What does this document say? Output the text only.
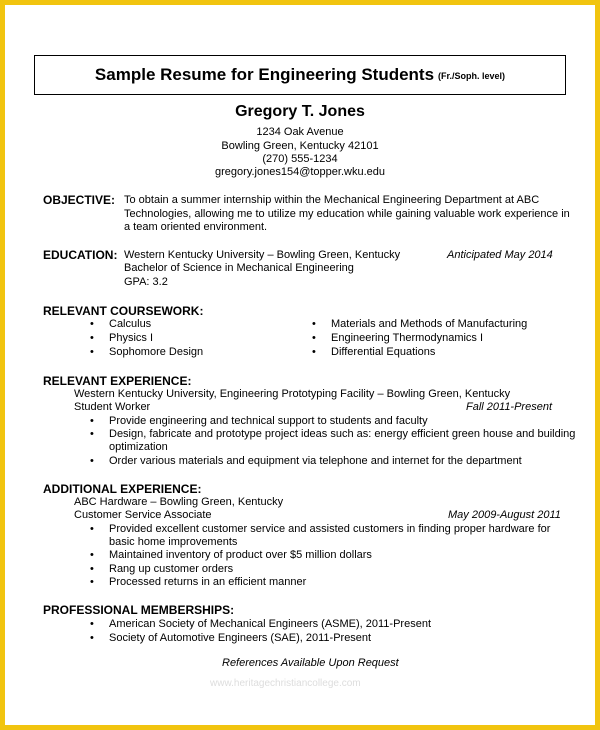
Sample Resume for Engineering Students (Fr./Soph. level)
Gregory T. Jones
1234 Oak Avenue
Bowling Green, Kentucky 42101
(270) 555-1234
gregory.jones154@topper.wku.edu
OBJECTIVE: To obtain a summer internship within the Mechanical Engineering Department at ABC
Technologies, allowing me to utilize my education while gaining valuable work experience in
a team oriented environment.
EDUCATION: Western Kentucky University – Bowling Green, Kentucky	Anticipated May 2014
Bachelor of Science in Mechanical Engineering
GPA: 3.2
RELEVANT COURSEWORK:
• Calculus
• Physics I
• Sophomore Design
• Materials and Methods of Manufacturing
• Engineering Thermodynamics I
• Differential Equations
RELEVANT EXPERIENCE:
Western Kentucky University, Engineering Prototyping Facility – Bowling Green, Kentucky
Student Worker	Fall 2011-Present
• Provide engineering and technical support to students and faculty
• Design, fabricate and prototype project ideas such as: energy efficient green house and building
optimization
• Order various materials and equipment via telephone and internet for the department
ADDITIONAL EXPERIENCE:
ABC Hardware – Bowling Green, Kentucky
Customer Service Associate	May 2009-August 2011
• Provided excellent customer service and assisted customers in finding proper hardware for
basic home improvements
• Maintained inventory of product over $5 million dollars
• Rang up customer orders
• Processed returns in an efficient manner
PROFESSIONAL MEMBERSHIPS:
• American Society of Mechanical Engineers (ASME), 2011-Present
• Society of Automotive Engineers (SAE), 2011-Present
References Available Upon Request
www.heritagechristiancollege.com
